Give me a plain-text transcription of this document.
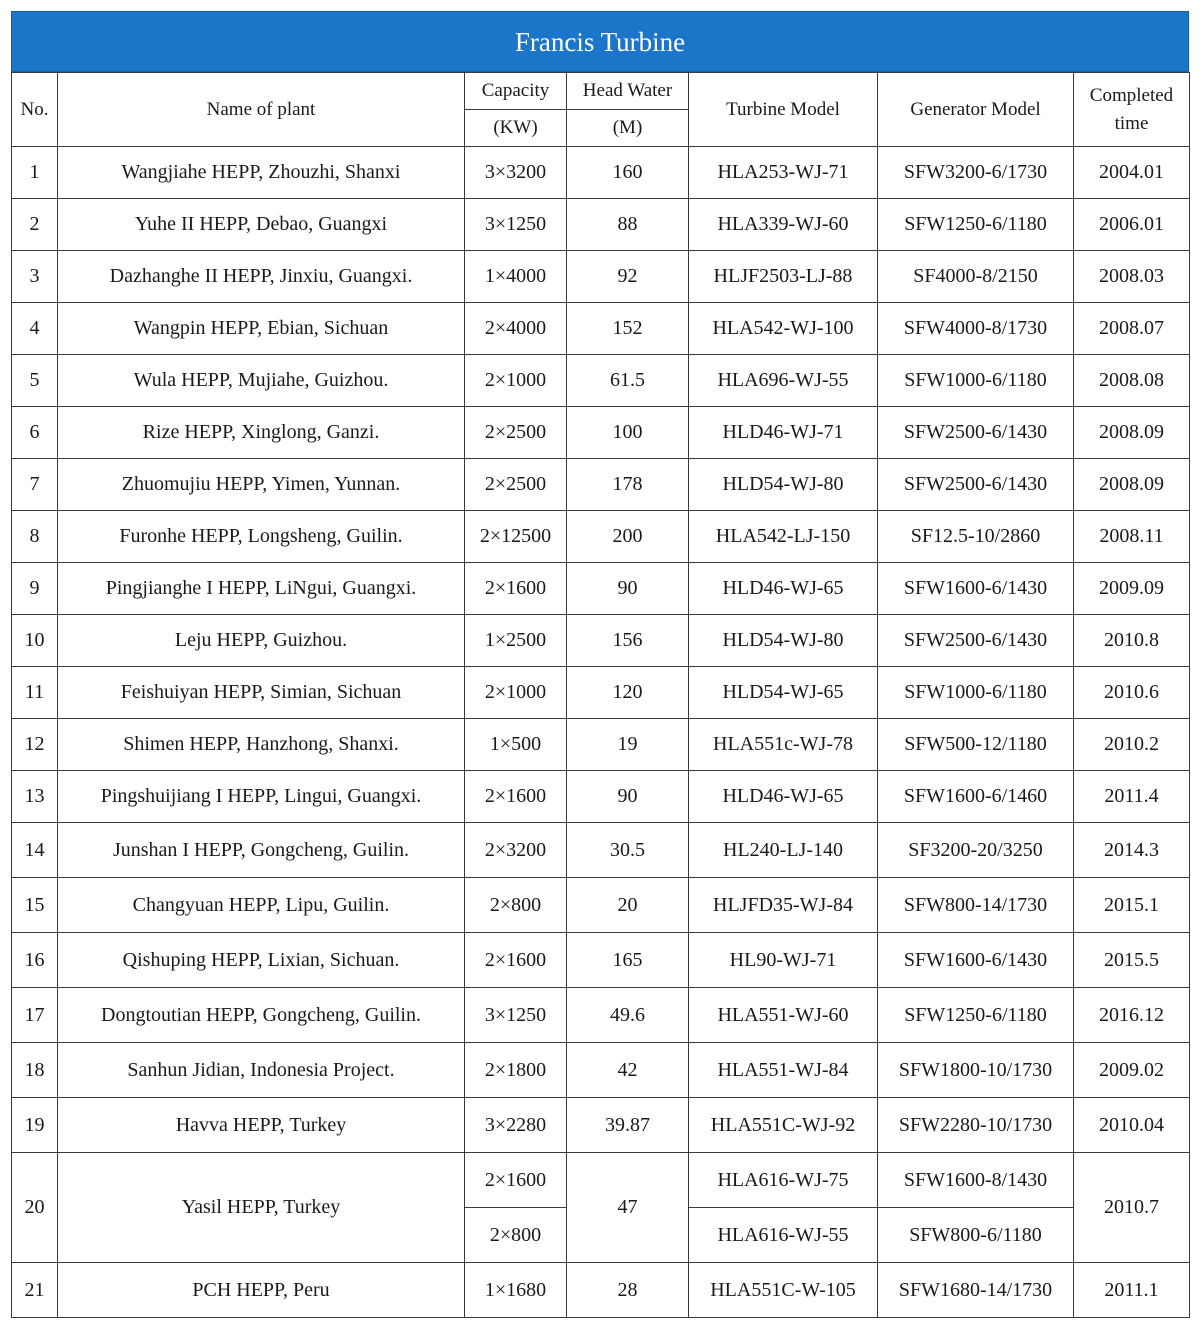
Francis Turbine
No.	Name of plant	Capacity	Head Water	Turbine Model	Generator Model	Completed
time
		(KW)	(M)			
1	Wangjiahe HEPP, Zhouzhi, Shanxi	3×3200	160	HLA253-WJ-71	SFW3200-6/1730	2004.01
2	Yuhe II HEPP, Debao, Guangxi	3×1250	88	HLA339-WJ-60	SFW1250-6/1180	2006.01
3	Dazhanghe II HEPP, Jinxiu, Guangxi.	1×4000	92	HLJF2503-LJ-88	SF4000-8/2150	2008.03
4	Wangpin HEPP, Ebian, Sichuan	2×4000	152	HLA542-WJ-100	SFW4000-8/1730	2008.07
5	Wula HEPP, Mujiahe, Guizhou.	2×1000	61.5	HLA696-WJ-55	SFW1000-6/1180	2008.08
6	Rize HEPP, Xinglong, Ganzi.	2×2500	100	HLD46-WJ-71	SFW2500-6/1430	2008.09
7	Zhuomujiu HEPP, Yimen, Yunnan.	2×2500	178	HLD54-WJ-80	SFW2500-6/1430	2008.09
8	Furonhe HEPP, Longsheng, Guilin.	2×12500	200	HLA542-LJ-150	SF12.5-10/2860	2008.11
9	Pingjianghe I HEPP, LiNgui, Guangxi.	2×1600	90	HLD46-WJ-65	SFW1600-6/1430	2009.09
10	Leju HEPP, Guizhou.	1×2500	156	HLD54-WJ-80	SFW2500-6/1430	2010.8
11	Feishuiyan HEPP, Simian, Sichuan	2×1000	120	HLD54-WJ-65	SFW1000-6/1180	2010.6
12	Shimen HEPP, Hanzhong, Shanxi.	1×500	19	HLA551c-WJ-78	SFW500-12/1180	2010.2
13	Pingshuijiang I HEPP, Lingui, Guangxi.	2×1600	90	HLD46-WJ-65	SFW1600-6/1460	2011.4
14	Junshan I HEPP, Gongcheng, Guilin.	2×3200	30.5	HL240-LJ-140	SF3200-20/3250	2014.3
15	Changyuan HEPP, Lipu, Guilin.	2×800	20	HLJFD35-WJ-84	SFW800-14/1730	2015.1
16	Qishuping HEPP, Lixian, Sichuan.	2×1600	165	HL90-WJ-71	SFW1600-6/1430	2015.5
17	Dongtoutian HEPP, Gongcheng, Guilin.	3×1250	49.6	HLA551-WJ-60	SFW1250-6/1180	2016.12
18	Sanhun Jidian, Indonesia Project.	2×1800	42	HLA551-WJ-84	SFW1800-10/1730	2009.02
19	Havva HEPP, Turkey	3×2280	39.87	HLA551C-WJ-92	SFW2280-10/1730	2010.04
20	Yasil HEPP, Turkey	2×1600	47	HLA616-WJ-75	SFW1600-8/1430	2010.7
		2×800		HLA616-WJ-55	SFW800-6/1180	
21	PCH HEPP, Peru	1×1680	28	HLA551C-W-105	SFW1680-14/1730	2011.1
